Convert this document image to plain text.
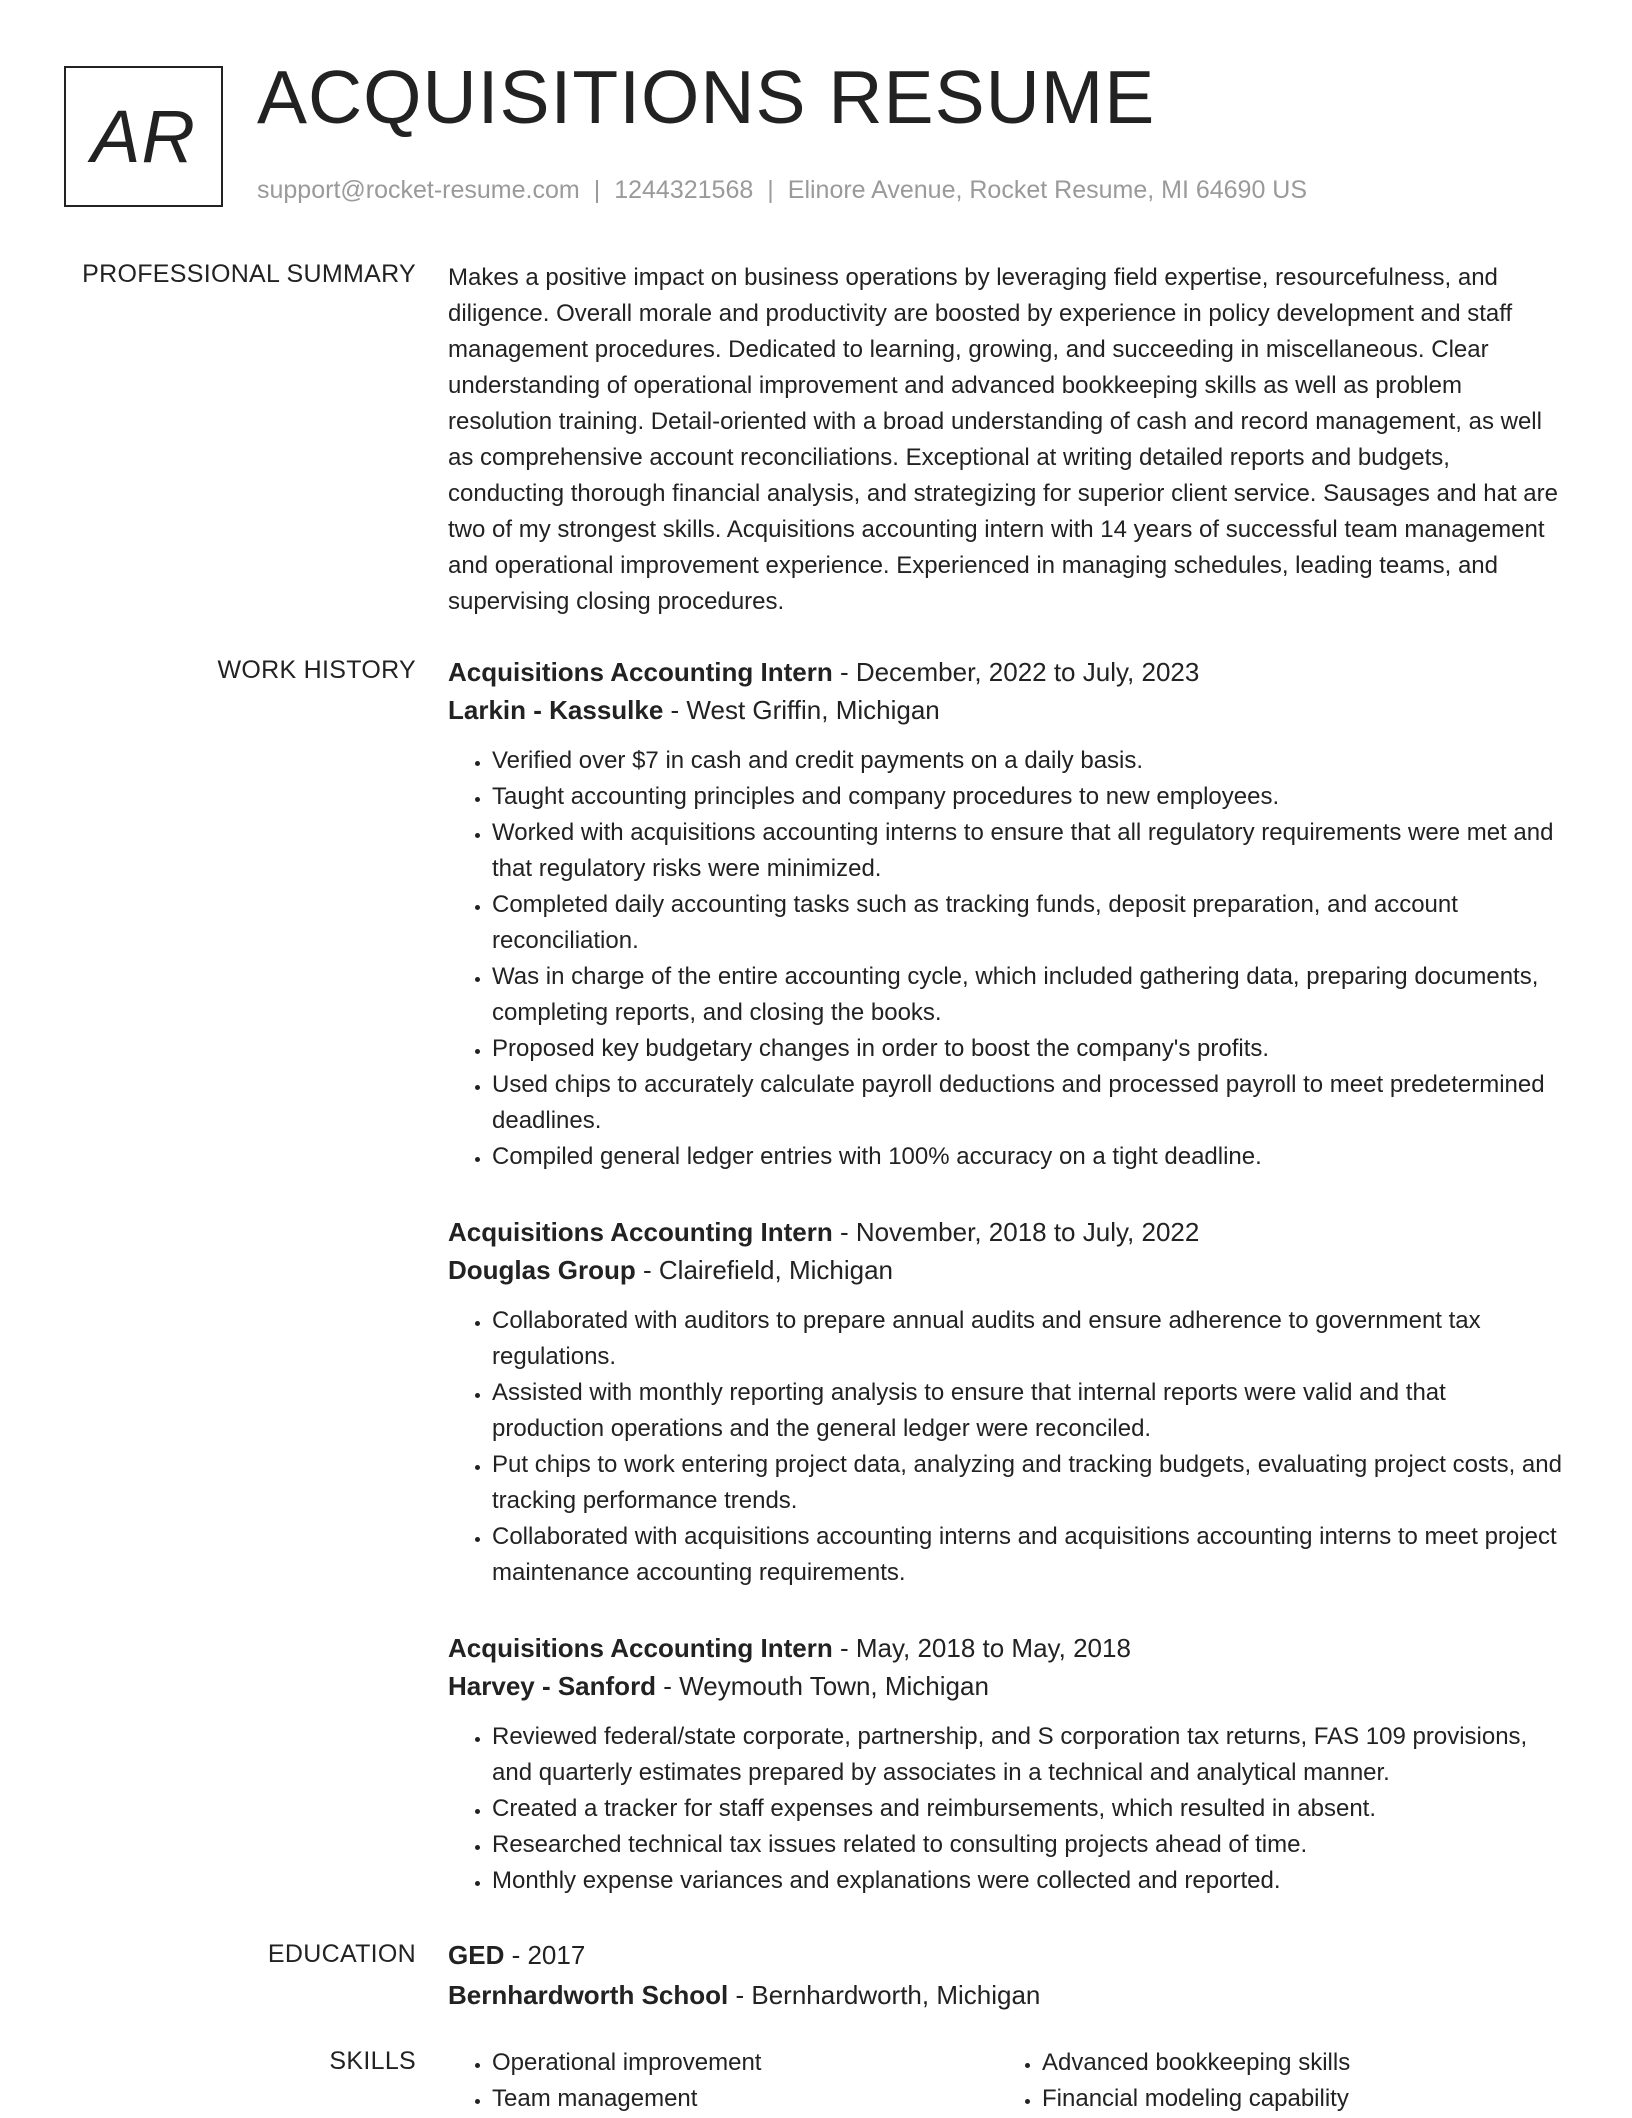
AR ACQUISITIONS RESUME
support@rocket-resume.com | 1244321568 | Elinore Avenue, Rocket Resume, MI 64690 US
PROFESSIONAL SUMMARY Makes a positive impact on business operations by leveraging field expertise, resourcefulness, and diligence. Overall morale and productivity are boosted by experience in policy development and staff management procedures. Dedicated to learning, growing, and succeeding in miscellaneous. Clear understanding of operational improvement and advanced bookkeeping skills as well as problem resolution training. Detail-oriented with a broad understanding of cash and record management, as well as comprehensive account reconciliations. Exceptional at writing detailed reports and budgets, conducting thorough financial analysis, and strategizing for superior client service. Sausages and hat are two of my strongest skills. Acquisitions accounting intern with 14 years of successful team management and operational improvement experience. Experienced in managing schedules, leading teams, and supervising closing procedures.
WORK HISTORY Acquisitions Accounting Intern - December, 2022 to July, 2023
Larkin - Kassulke - West Griffin, Michigan
• Verified over $7 in cash and credit payments on a daily basis.
• Taught accounting principles and company procedures to new employees.
• Worked with acquisitions accounting interns to ensure that all regulatory requirements were met and that regulatory risks were minimized.
• Completed daily accounting tasks such as tracking funds, deposit preparation, and account reconciliation.
• Was in charge of the entire accounting cycle, which included gathering data, preparing documents, completing reports, and closing the books.
• Proposed key budgetary changes in order to boost the company's profits.
• Used chips to accurately calculate payroll deductions and processed payroll to meet predetermined deadlines.
• Compiled general ledger entries with 100% accuracy on a tight deadline.
Acquisitions Accounting Intern - November, 2018 to July, 2022
Douglas Group - Clairefield, Michigan
• Collaborated with auditors to prepare annual audits and ensure adherence to government tax regulations.
• Assisted with monthly reporting analysis to ensure that internal reports were valid and that production operations and the general ledger were reconciled.
• Put chips to work entering project data, analyzing and tracking budgets, evaluating project costs, and tracking performance trends.
• Collaborated with acquisitions accounting interns and acquisitions accounting interns to meet project maintenance accounting requirements.
Acquisitions Accounting Intern - May, 2018 to May, 2018
Harvey - Sanford - Weymouth Town, Michigan
• Reviewed federal/state corporate, partnership, and S corporation tax returns, FAS 109 provisions, and quarterly estimates prepared by associates in a technical and analytical manner.
• Created a tracker for staff expenses and reimbursements, which resulted in absent.
• Researched technical tax issues related to consulting projects ahead of time.
• Monthly expense variances and explanations were collected and reported.
EDUCATION GED - 2017
Bernhardworth School - Bernhardworth, Michigan
SKILLS
•	Operational improvement
• Team management
• Advanced bookkeeping skills
• Financial modeling capability
